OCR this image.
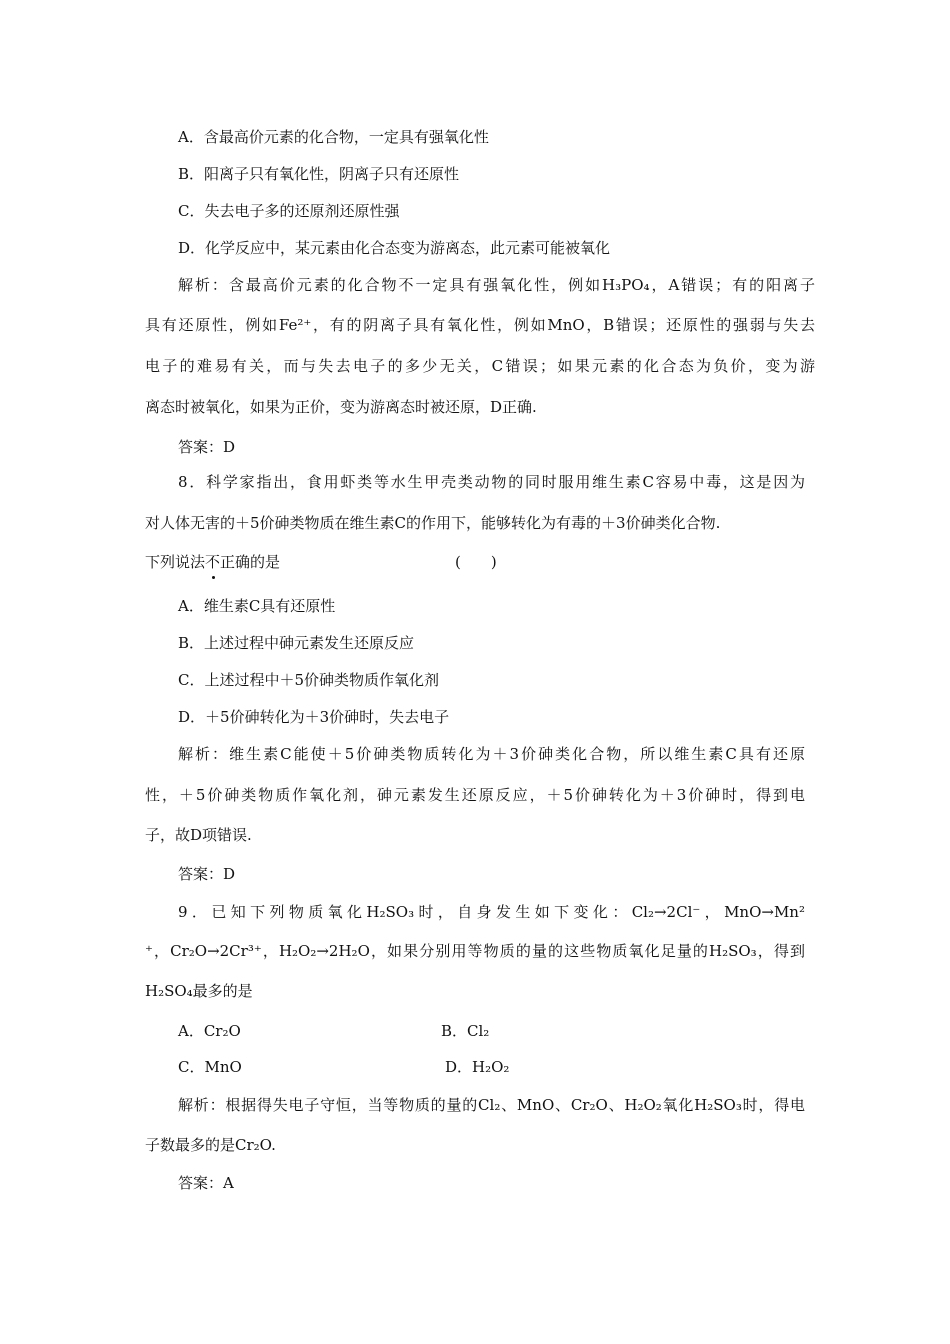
A．含最高价元素的化合物，一定具有强氧化性
B．阳离子只有氧化性，阴离子只有还原性
C．失去电子多的还原剂还原性强
D．化学反应中，某元素由化合态变为游离态，此元素可能被氧化
解析：含最高价元素的化合物不一定具有强氧化性，例如H₃PO₄，A错误；有的阳离子
具有还原性，例如Fe²⁺，有的阴离子具有氧化性，例如MnO，B错误；还原性的强弱与失去
电子的难易有关，而与失去电子的多少无关，C错误；如果元素的化合态为负价，变为游
离态时被氧化，如果为正价，变为游离态时被还原，D正确.
答案：D
8．科学家指出，食用虾类等水生甲壳类动物的同时服用维生素C容易中毒，这是因为
对人体无害的＋5价砷类物质在维生素C的作用下，能够转化为有毒的＋3价砷类化合物.
下列说法不正确的是	(　　)
A．维生素C具有还原性
B．上述过程中砷元素发生还原反应
C．上述过程中＋5价砷类物质作氧化剂
D．＋5价砷转化为＋3价砷时，失去电子
解析：维生素C能使＋5价砷类物质转化为＋3价砷类化合物，所以维生素C具有还原
性，＋5价砷类物质作氧化剂，砷元素发生还原反应，＋5价砷转化为＋3价砷时，得到电
子，故D项错误.
答案：D
9．已知下列物质氧化H₂SO₃时，自身发生如下变化：Cl₂→2Cl⁻，MnO→Mn²
⁺，Cr₂O→2Cr³⁺，H₂O₂→2H₂O，如果分别用等物质的量的这些物质氧化足量的H₂SO₃，得到
H₂SO₄最多的是
A．Cr₂O	B．Cl₂
C．MnO	D．H₂O₂
解析：根据得失电子守恒，当等物质的量的Cl₂、MnO、Cr₂O、H₂O₂氧化H₂SO₃时，得电
子数最多的是Cr₂O.
答案：A
